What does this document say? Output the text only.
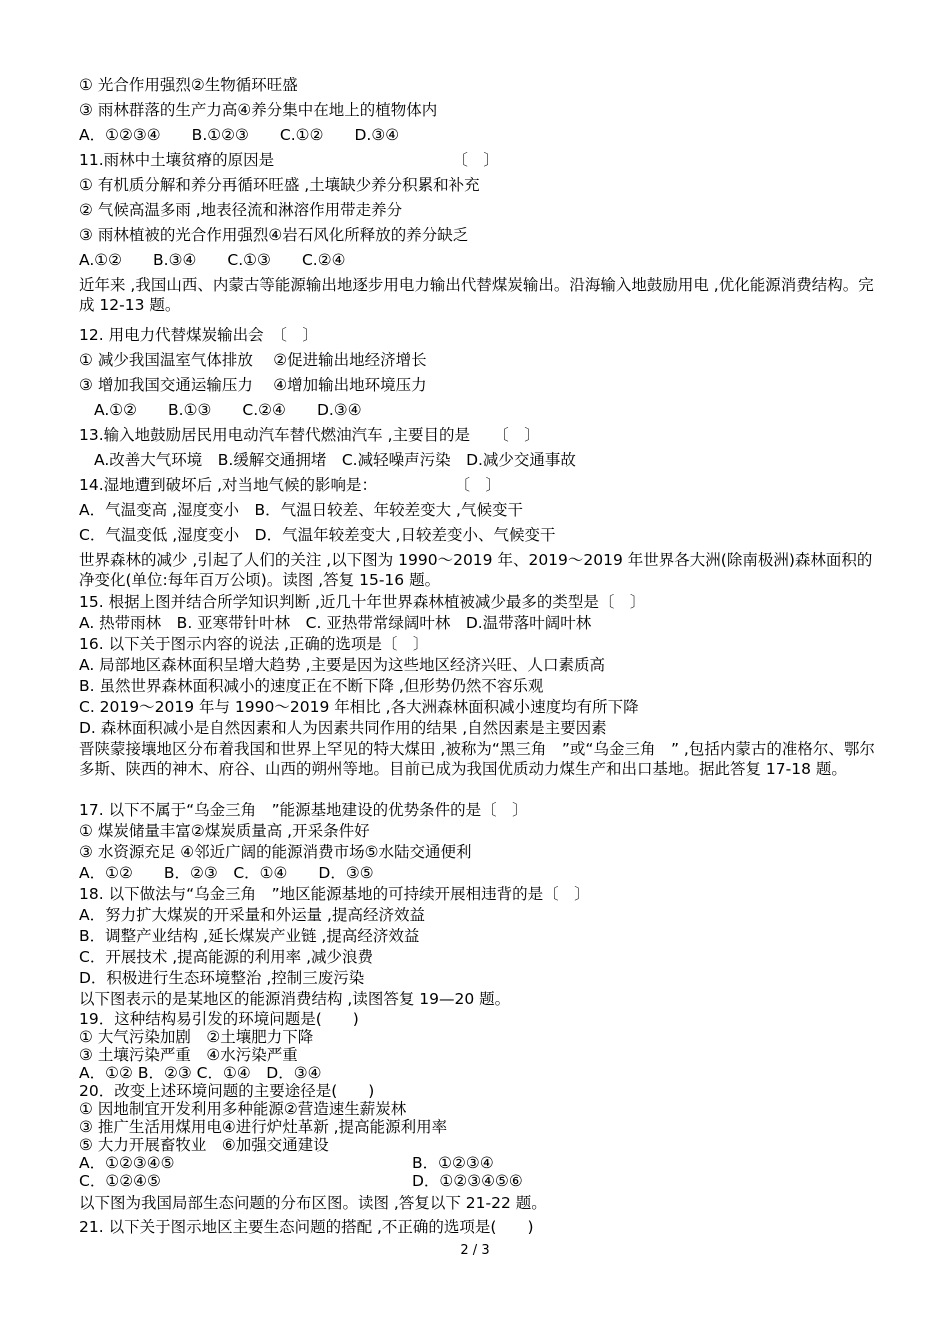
① 光合作用强烈②生物循环旺盛
③ 雨林群落的生产力高④养分集中在地上的植物体内
A．①②③④　　B.①②③　　C.①②　　D.③④
11.雨林中土壤贫瘠的原因是　　　　　　　　　　　　〔　〕
① 有机质分解和养分再循环旺盛 ,土壤缺少养分积累和补充
② 气候高温多雨 ,地表径流和淋溶作用带走养分
③ 雨林植被的光合作用强烈④岩石风化所释放的养分缺乏
A.①②　　B.③④　　C.①③　　C.②④
近年来 ,我国山西、内蒙古等能源输出地逐步用电力输出代替煤炭输出。沿海输入地鼓励用电 ,优化能源消费结构。完成 12-13 题。
12. 用电力代替煤炭输出会　〔　〕
① 减少我国温室气体排放　 ②促进输出地经济增长
③ 增加我国交通运输压力　 ④增加输出地环境压力
A.①②　　B.①③　　C.②④　　D.③④
13.输入地鼓励居民用电动汽车替代燃油汽车 ,主要目的是　　〔　〕
A.改善大气环境　B.缓解交通拥堵　C.减轻噪声污染　D.减少交通事故
14.湿地遭到破坏后 ,对当地气候的影响是：　　　　　　〔　〕
A．气温变高 ,湿度变小　B．气温日较差、年较差变大 ,气候变干
C．气温变低 ,湿度变小　D．气温年较差变大 ,日较差变小、气候变干
世界森林的减少 ,引起了人们的关注 ,以下图为 1990～2019 年、2019～2019 年世界各大洲(除南极洲)森林面积的净变化(单位:每年百万公顷)。读图 ,答复 15-16 题。
15. 根据上图并结合所学知识判断 ,近几十年世界森林植被减少最多的类型是〔　〕
A. 热带雨林　B. 亚寒带针叶林　C. 亚热带常绿阔叶林　D.温带落叶阔叶林
16. 以下关于图示内容的说法 ,正确的选项是〔　〕
A. 局部地区森林面积呈增大趋势 ,主要是因为这些地区经济兴旺、人口素质高
B. 虽然世界森林面积减小的速度正在不断下降 ,但形势仍然不容乐观
C. 2019～2019 年与 1990～2019 年相比 ,各大洲森林面积减小速度均有所下降
D. 森林面积减小是自然因素和人为因素共同作用的结果 ,自然因素是主要因素
晋陕蒙接壤地区分布着我国和世界上罕见的特大煤田 ,被称为“黑三角　”或“乌金三角　” ,包括内蒙古的准格尔、鄂尔多斯、陕西的神木、府谷、山西的朔州等地。目前已成为我国优质动力煤生产和出口基地。据此答复 17-18 题。
17. 以下不属于“乌金三角　”能源基地建设的优势条件的是〔　〕
① 煤炭储量丰富②煤炭质量高 ,开采条件好
③ 水资源充足 ④邻近广阔的能源消费市场⑤水陆交通便利
A．①②　　B．②③　C．①④　　D．③⑤
18. 以下做法与“乌金三角　”地区能源基地的可持续开展相违背的是〔　〕
A．努力扩大煤炭的开采量和外运量 ,提高经济效益
B．调整产业结构 ,延长煤炭产业链 ,提高经济效益
C．开展技术 ,提高能源的利用率 ,减少浪费
D．积极进行生态环境整治 ,控制三废污染
以下图表示的是某地区的能源消费结构 ,读图答复 19—20 题。
19．这种结构易引发的环境问题是(　　)
① 大气污染加剧　②土壤肥力下降
③ 土壤污染严重　④水污染严重
A．①② B．②③ C．①④　D．③④
20．改变上述环境问题的主要途径是(　　)
① 因地制宜开发利用多种能源②营造速生薪炭林
③ 推广生活用煤用电④进行炉灶革新 ,提高能源利用率
⑤ 大力开展畜牧业　⑥加强交通建设
A．①②③④⑤	B．①②③④
C．①②④⑤	D．①②③④⑤⑥
以下图为我国局部生态问题的分布区图。读图 ,答复以下 21-22 题。
21. 以下关于图示地区主要生态问题的搭配 ,不正确的选项是(　　)
2 / 3
